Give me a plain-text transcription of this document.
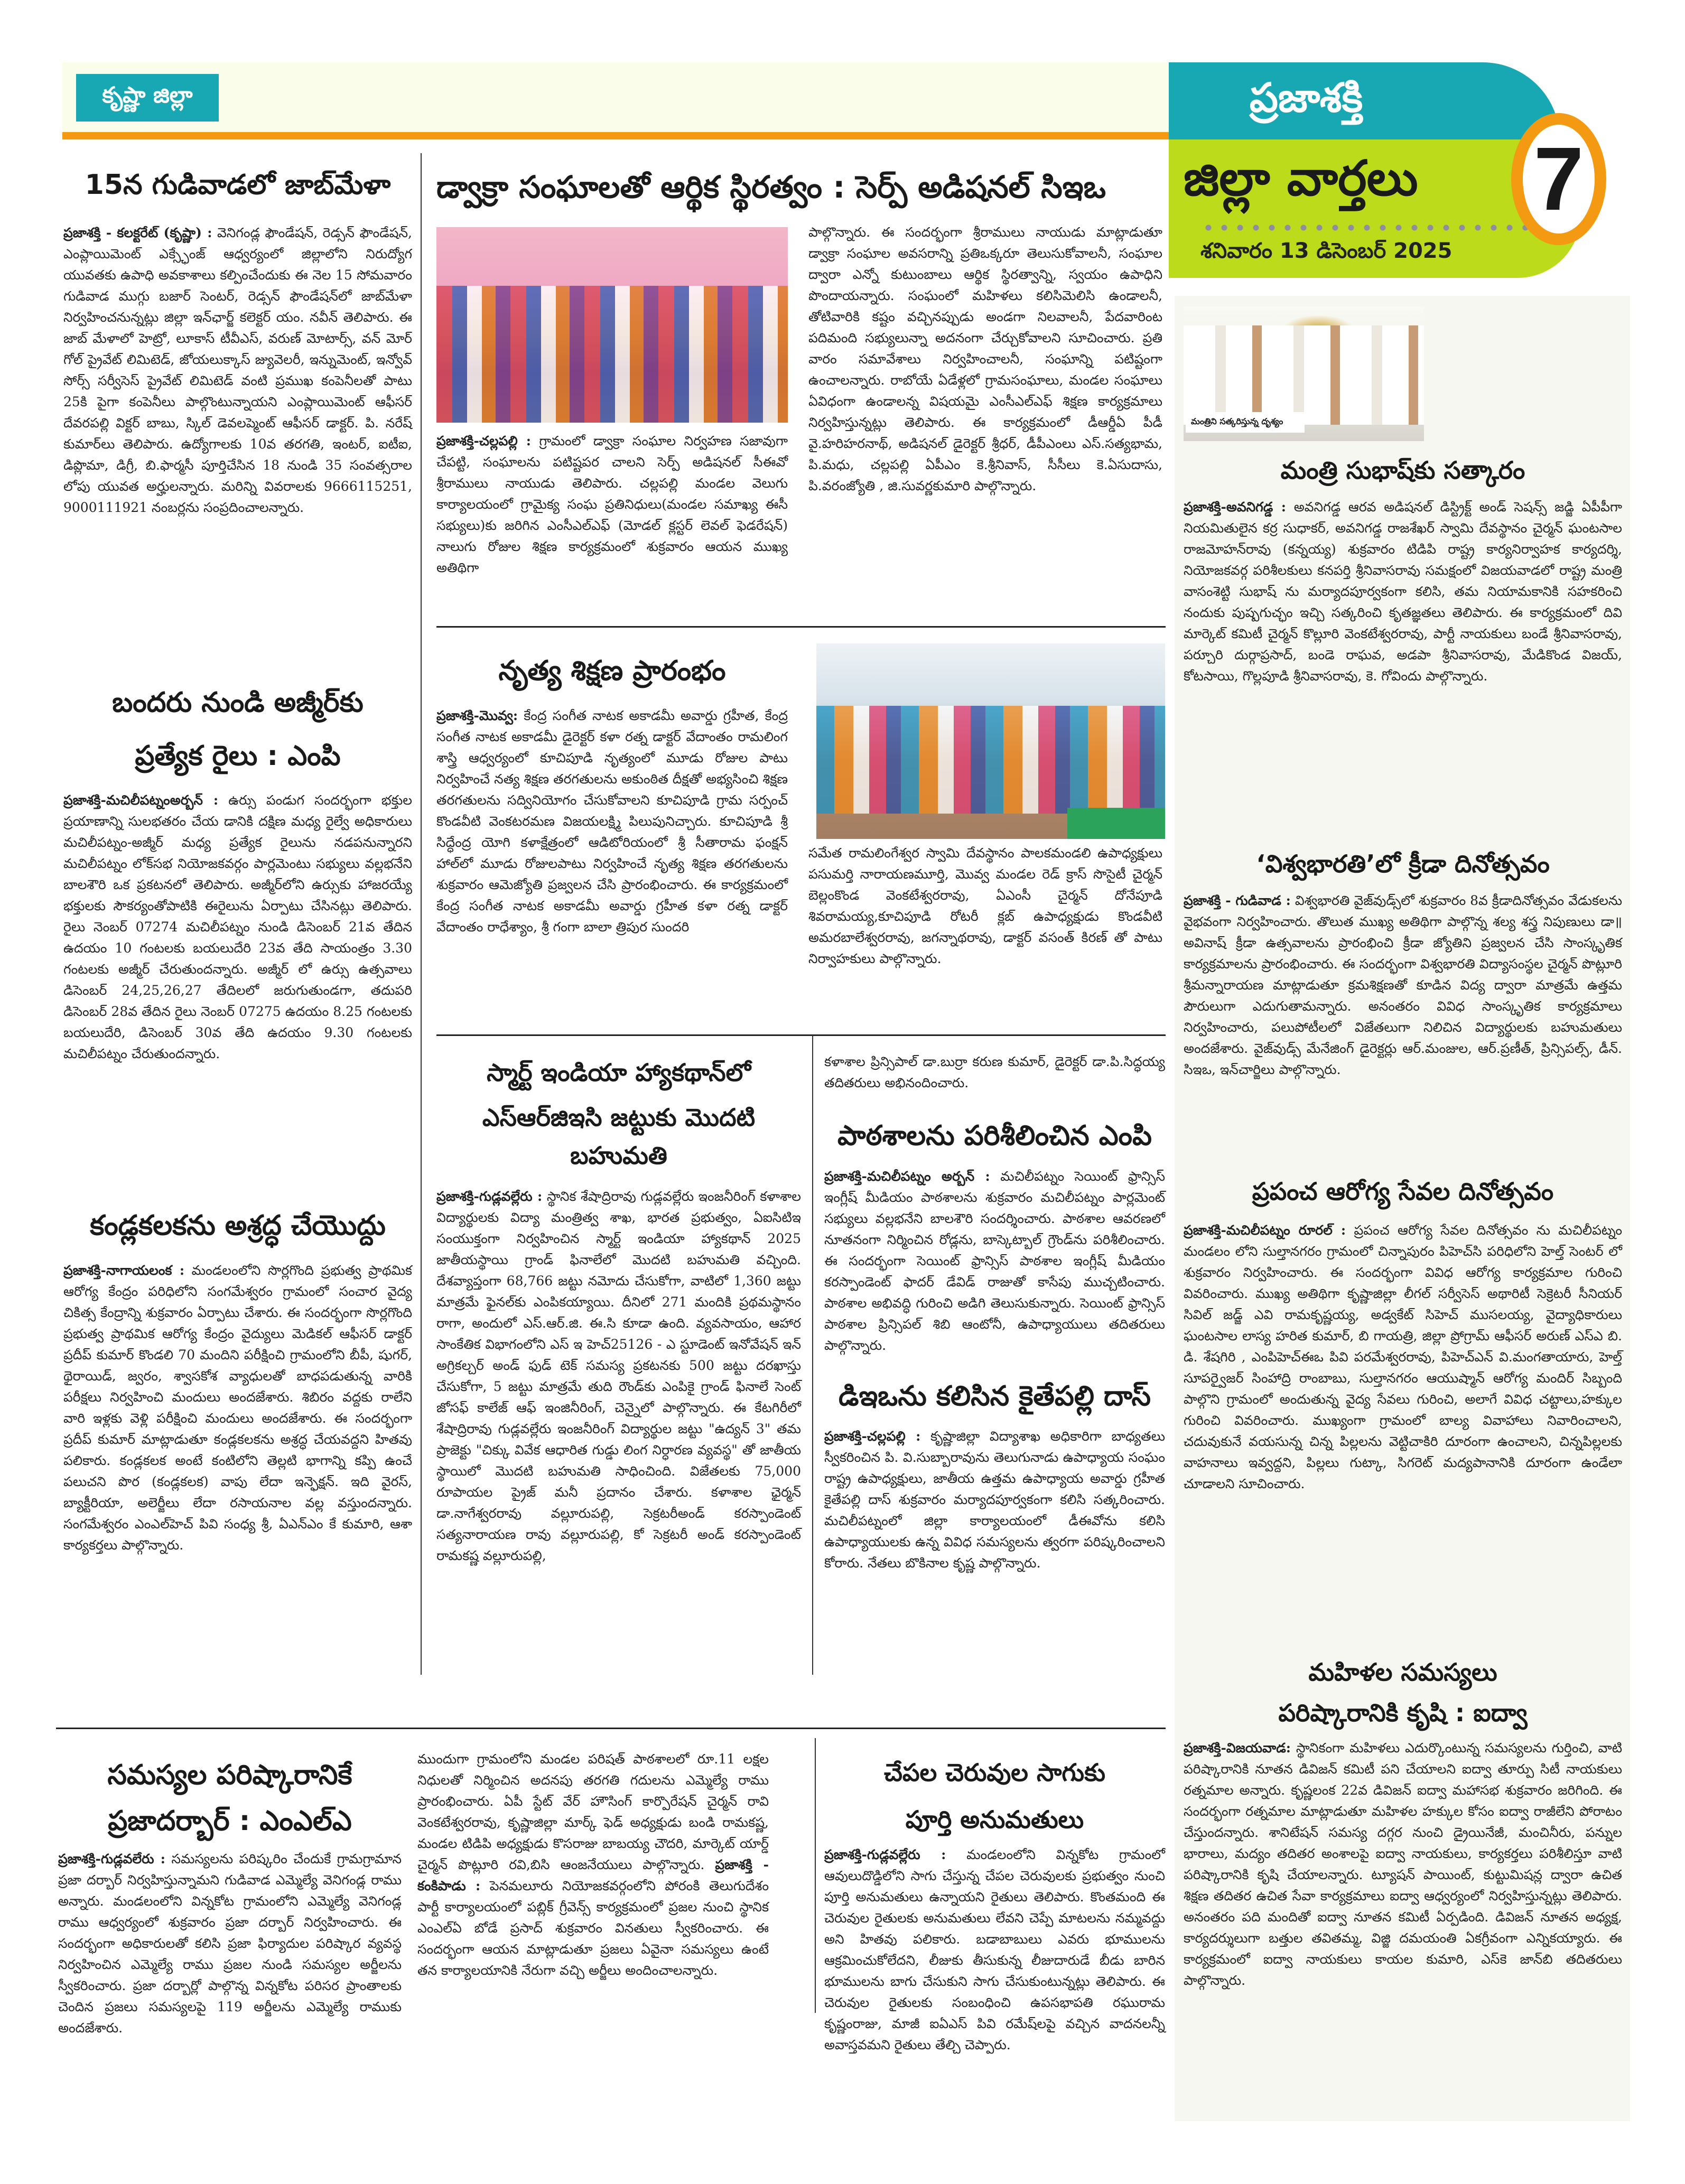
కృష్ణా జిల్లా	ప్రజాశక్తి
జిల్లా వార్తలు
శనివారం 13 డిసెంబర్ 2025
7
15న గుడివాడలో జాబ్‌మేళా

ప్రజాశక్తి - కలక్టరేట్ (కృష్ణా) : వెనిగండ్ల ఫౌండేషన్, రెడ్సన్ ఫౌండేషన్, ఎంప్లాయిమెంట్ ఎక్స్ఛేంజ్ ఆధ్వర్యంలో జిల్లాలోని నిరుద్యోగ యువతకు ఉపాధి అవకాశాలు కల్పించేందుకు ఈ నెల 15 సోమవారం గుడివాడ ముగ్గు బజార్ సెంటర్, రెడ్సన్ ఫౌండేషన్‌లో జాబ్‌మేళా నిర్వహించనున్నట్లు జిల్లా ఇన్‌ఛార్జ్ కలెక్టర్ యం. నవీన్ తెలిపారు. ఈ జాబ్ మేళాలో హెట్రో, లూకాస్ టీవీఎస్, వరుణ్ మోటార్స్, వన్ మోర్ గోల్ ప్రైవేట్ లిమిటెడ్, జోయలుక్కాస్ జ్యువెలరీ, ఇన్నుమెంట్, ఇన్వోవ్ సోర్స్ సర్వీసెస్ ప్రైవేట్ లిమిటెడ్ వంటి ప్రముఖ కంపెనీలతో పాటు 25కి పైగా కంపెనీలు పాల్గొంటున్నాయని ఎంప్లాయిమెంట్ ఆఫీసర్ దేవరపల్లి విక్టర్ బాబు, స్కిల్ డెవలప్మెంట్ ఆఫీసర్ డాక్టర్. పి. నరేష్ కుమార్‌లు తెలిపారు. ఉద్యోగాలకు 10వ తరగతి, ఇంటర్, ఐటీఐ, డిప్లొమా, డిగ్రీ, బి.ఫార్మసీ పూర్తిచేసిన 18 నుండి 35 సంవత్సరాల లోపు యువత అర్హులన్నారు. మరిన్ని వివరాలకు 9666115251, 9000111921 నంబర్లను సంప్రదించాలన్నారు.

బందరు నుండి అజ్మీర్‌కు
ప్రత్యేక రైలు : ఎంపి

ప్రజాశక్తి-మచిలీపట్నంఅర్బన్ : ఉర్సు పండుగ సందర్భంగా భక్తుల ప్రయాణాన్ని సులభతరం చేయ డానికి దక్షిణ మధ్య రైల్వే అధికారులు మచిలీపట్నం-అజ్మీర్ మధ్య ప్రత్యేక రైలును నడపనున్నారని మచిలీపట్నం లోక్‌సభ నియోజకవర్గం పార్లమెంటు సభ్యులు వల్లభనేని బాలశౌరి ఒక ప్రకటనలో తెలిపారు. అజ్మీర్‌లోని ఉర్సుకు హాజరయ్యే భక్తులకు సౌకర్యంతోపాటికి ఈరైలును ఏర్పాటు చేసినట్లు తెలిపారు. రైలు నెంబర్ 07274 మచిలీపట్నం నుండి డిసెంబర్ 21వ తేదిన ఉదయం 10 గంటలకు బయలుదేరి 23వ తేది సాయంత్రం 3.30 గంటలకు అజ్మీర్ చేరుతుందన్నారు. అజ్మీర్ లో ఉర్సు ఉత్సవాలు డిసెంబర్ 24,25,26,27 తేదిలలో జరుగుతుండగా, తదుపరి డిసెంబర్ 28వ తేదిన రైలు నెంబర్ 07275 ఉదయం 8.25 గంటలకు బయలుదేరి, డిసెంబర్ 30వ తేది ఉదయం 9.30 గంటలకు మచిలీపట్నం చేరుతుందన్నారు.

కండ్లకలకను అశ్రద్ధ చేయొద్దు

ప్రజాశక్తి-నాగాయలంక : మండలంలోని సొర్లగొంది ప్రభుత్వ ప్రాథమిక ఆరోగ్య కేంద్రం పరిధిలోని సంగమేశ్వరం గ్రామంలో సంచార వైద్య చికిత్స కేంద్రాన్ని శుక్రవారం ఏర్పాటు చేశారు. ఈ సందర్భంగా సొర్లగొంది ప్రభుత్వ ప్రాథమిక ఆరోగ్య కేంద్రం వైద్యులు మెడికల్ ఆఫీసర్ డాక్టర్ ప్రదీప్ కుమార్ కొండలి 70 మందిని పరీక్షించి గ్రామంలోని బీపీ, షుగర్, థైరాయిడ్, జ్వరం, శ్వాసకోశ వ్యాధులతో బాధపడుతున్న వారికి పరీక్షలు నిర్వహించి మందులు అందజేశారు. శిబిరం వద్దకు రాలేని వారి ఇళ్లకు వెళ్లి పరీక్షించి మందులు అందజేశారు. ఈ సందర్భంగా ప్రదీప్ కుమార్ మాట్లాడుతూ కండ్లకలకను అశ్రద్ధ చేయవద్దని హితవు పలికారు. కండ్లకలక అంటే కంటిలోని తెల్లటి భాగాన్ని కప్పి ఉంచే పలుచని పొర (కండ్లకలక) వాపు లేదా ఇన్ఫెక్షన్. ఇది వైరస్, బ్యాక్టీరియా, అలెర్జీలు లేదా రసాయనాల వల్ల వస్తుందన్నారు. సంగమేశ్వరం ఎంఎల్‌హెచ్ పివి సంధ్య శ్రీ, ఏఎన్ఎం కే కుమారి, ఆశా కార్యకర్తలు పాల్గొన్నారు.

డ్వాక్రా సంఘాలతో ఆర్థిక స్థిరత్వం : సెర్ప్ అడిషనల్ సిఇఒ

ప్రజాశక్తి-చల్లపల్లి : గ్రామంలో డ్వాక్రా సంఘాల నిర్వహణ సజావుగా చేపట్టి, సంఘాలను పటిష్టపర చాలని సెర్ప్ అడిషనల్ సీఈవో శ్రీరాములు నాయుడు తెలిపారు. చల్లపల్లి మండల వెలుగు కార్యాలయంలో గ్రామైక్య సంఘ ప్రతినిధులు(మండల సమాఖ్య ఈసీ సభ్యులు)కు జరిగిన ఎంసీఎల్ఎఫ్ (మోడల్ క్లస్టర్ లెవల్ ఫెడరేషన్) నాలుగు రోజుల శిక్షణ కార్యక్రమంలో శుక్రవారం ఆయన ముఖ్య అతిథిగా

పాల్గొన్నారు. ఈ సందర్భంగా శ్రీరాములు నాయుడు మాట్లాడుతూ డ్వాక్రా సంఘాల అవసరాన్ని ప్రతిఒక్కరూ తెలుసుకోవాలనీ, సంఘాల ద్వారా ఎన్నో కుటుంబాలు ఆర్థిక స్థిరత్వాన్ని, స్వయం ఉపాధిని పొందాయన్నారు. సంఘంలో మహిళలు కలిసిమెలిసి ఉండాలనీ, తోటివారికి కష్టం వచ్చినప్పుడు అండగా నిలవాలనీ, పేదవారింట పదిమంది సభ్యులున్నా అదనంగా చేర్చుకోవాలని సూచించారు. ప్రతి వారం సమావేశాలు నిర్వహించాలనీ, సంఘాన్ని పటిష్టంగా ఉంచాలన్నారు. రాబోయే ఏడేళ్లలో గ్రామసంఘాలు, మండల సంఘాలు ఏవిధంగా ఉండాలన్న విషయమై ఎంసీఎల్ఎఫ్ శిక్షణ కార్యక్రమాలు నిర్వహిస్తున్నట్లు తెలిపారు. ఈ కార్యక్రమంలో డీఆర్డీఏ పీడీ వై.హరిహరనాథ్, అడిషనల్ డైరెక్టర్ శ్రీధర్, డీపీఎంలు ఎస్.సత్యభామ, పి.మధు, చల్లపల్లి ఏపీఎం కె.శ్రీనివాస్, సీసీలు కె.ఏసుదాసు, పి.వరంజ్యోతి , జి.సువర్ణకుమారి పాల్గొన్నారు.

నృత్య శిక్షణ ప్రారంభం

ప్రజాశక్తి-మొవ్వ: కేంద్ర సంగీత నాటక అకాడమీ అవార్డు గ్రహీత, కేంద్ర సంగీత నాటక అకాడమీ డైరెక్టర్ కళా రత్న డాక్టర్ వేదాంతం రామలింగ శాస్త్రి ఆధ్వర్యంలో కూచిపూడి నృత్యంలో మూడు రోజుల పాటు నిర్వహించే నత్య శిక్షణ తరగతులను అకుంఠిత దీక్షతో అభ్యసించి శిక్షణ తరగతులను సద్వినియోగం చేసుకోవాలని కూచిపూడి గ్రామ సర్పంచ్ కొండవీటి వెంకటరమణ విజయలక్ష్మి పిలుపునిచ్చారు. కూచిపూడి శ్రీ సిద్ధేంద్ర యోగి కళాక్షేత్రంలో ఆడిటోరియంలో శ్రీ సీతారామ ఫంక్షన్ హాల్‌లో మూడు రోజులపాటు నిర్వహించే నృత్య శిక్షణ తరగతులను శుక్రవారం ఆమెజ్యోతి ప్రజ్వలన చేసి ప్రారంభించారు. ఈ కార్యక్రమంలో కేంద్ర సంగీత నాటక అకాడమీ అవార్డు గ్రహీత కళా రత్న డాక్టర్ వేదాంతం రాధేశ్యాం, శ్రీ గంగా బాలా త్రిపుర సుందరి

సమేత రామలింగేశ్వర స్వామి దేవస్థానం పాలకమండలి ఉపాధ్యక్షులు పసుమర్తి నారాయణమూర్తి, మొవ్వ మండల రెడ్ క్రాస్ సొసైటీ చైర్మన్ బెల్లంకొండ వెంకటేశ్వరరావు, ఏఎంసీ చైర్మన్ దోనేపూడి శివరామయ్య,కూచిపూడి రోటరీ క్లబ్ ఉపాధ్యక్షుడు కొండవీటి అమరబాలేశ్వరరావు, జగన్నాథరావు, డాక్టర్ వసంత్ కిరణ్ తో పాటు నిర్వాహకులు పాల్గొన్నారు.

స్మార్ట్ ఇండియా హ్యాకథాన్‌లో
ఎస్ఆర్‌జిఇసి జట్టుకు మొదటి బహుమతి

ప్రజాశక్తి-గుడ్లవల్లేరు : స్థానిక శేషాద్రిరావు గుడ్లవల్లేరు ఇంజనీరింగ్ కళాశాల విద్యార్థులకు విద్యా మంత్రిత్వ శాఖ, భారత ప్రభుత్వం, ఏఐసిటిఇ సంయుక్తంగా నిర్వహించిన స్మార్ట్ ఇండియా హ్యాకథాన్ 2025 జాతీయస్థాయి గ్రాండ్ ఫినాలేలో మొదటి బహుమతి వచ్చింది. దేశవ్యాప్తంగా 68,766 జట్టు నమోదు చేసుకోగా, వాటిలో 1,360 జట్టు మాత్రమే ఫైనల్‌కు ఎంపికయ్యాయి. దీనిలో 271 మందికి ప్రథమస్థానం రాగా, అందులో ఎస్.ఆర్.జి. ఈ.సి కూడా ఉంది. వ్యవసాయం, ఆహార సాంకేతిక విభాగంలోని ఎస్ ఇ హెచ్25126 - ఎ స్టూడెంట్ ఇనోవేషన్ ఇన్ అగ్రికల్చర్ అండ్ ఫుడ్ టెక్ సమస్య ప్రకటనకు 500 జట్టు దరఖాస్తు చేసుకోగా, 5 జట్టు మాత్రమే తుది రౌండ్‌కు ఎంపికై గ్రాండ్ ఫినాలే సెంట్ జోసఫ్ కాలేజ్ ఆఫ్ ఇంజినీరింగ్, చెన్నైలో పాల్గొన్నారు. ఈ కేటగిరీలో శేషాద్రిరావు గుడ్లవల్లేరు ఇంజనీరింగ్ విద్యార్థుల జట్టు "ఉద్యన్ 3" తమ ప్రాజెక్టు "చిక్కు వివేక ఆధారిత గుడ్డు లింగ నిర్ధారణ వ్యవస్థ" తో జాతీయ స్థాయిలో మొదటి బహుమతి సాధించింది. విజేతలకు 75,000 రూపాయల ప్రైజ్ మనీ ప్రదానం చేశారు. కళాశాల ఛైర్మన్ డా.నాగేశ్వరరావు వల్లూరుపల్లి, సెక్రటరీఅండ్ కరస్పాండెంట్ సత్యనారాయణ రావు వల్లూరుపల్లి, కో సెక్రటరీ అండ్ కరస్పాండెంట్ రామకష్ణ వల్లూరుపల్లి,

కళాశాల ప్రిన్సిపాల్ డా.బుర్రా కరుణ కుమార్, డైరెక్టర్ డా.పి.సిద్ధయ్య తదితరులు అభినందించారు.

పాఠశాలను పరిశీలించిన ఎంపి

ప్రజాశక్తి-మచిలీపట్నం అర్బన్ : మచిలీపట్నం సెయింట్ ఫ్రాన్సిస్ ఇంగ్లీష్ మీడియం పాఠశాలను శుక్రవారం మచిలీపట్నం పార్లమెంట్ సభ్యులు వల్లభనేని బాలశౌరి సందర్శించారు. పాఠశాల ఆవరణలో నూతనంగా నిర్మించిన రోడ్లను, బాస్కెట్బాల్ గ్రౌండ్‌ను పరిశీలించారు. ఈ సందర్భంగా సెయింట్ ఫ్రాన్సిస్ పాఠశాల ఇంగ్లీష్ మీడియం కరస్పాండెంట్ ఫాదర్ డేవిడ్ రాజుతో కాసేపు ముచ్చటించారు. పాఠశాల అభివద్ధి గురించి అడిగి తెలుసుకున్నారు. సెయింట్ ఫ్రాన్సిస్ పాఠశాల ప్రిన్సిపల్ శిబి ఆంటోనీ, ఉపాధ్యాయులు తదితరులు పాల్గొన్నారు.

డిఇఒను కలిసిన కైతేపల్లి దాస్

ప్రజాశక్తి-చల్లపల్లి : కృష్ణాజిల్లా విద్యాశాఖ అధికారిగా బాధ్యతలు స్వీకరించిన పి. వి.సుబ్బారావును తెలుగునాడు ఉపాధ్యాయ సంఘం రాష్ట్ర ఉపాధ్యక్షులు, జాతీయ ఉత్తమ ఉపాధ్యాయ అవార్డు గ్రహీత కైతేపల్లి దాస్ శుక్రవారం మర్యాదపూర్వకంగా కలిసి సత్కరించారు. మచిలీపట్నంలో జిల్లా కార్యాలయంలో డీఈవోను కలిసి ఉపాధ్యాయులకు ఉన్న వివిధ సమస్యలను త్వరగా పరిష్కరించాలని కోరారు. నేతలు బొకినాల కృష్ణ పాల్గొన్నారు.

మంత్రిని సత్కరిస్తున్న దృశ్యం
మంత్రి సుభాష్‌కు సత్కారం

ప్రజాశక్తి-అవనిగడ్డ : అవనిగడ్డ ఆరవ అడిషనల్ డిస్ట్రిక్ట్ అండ్ సెషన్స్ జడ్జి ఏపీపీగా నియమితులైన కర్ర సుధాకర్, అవనిగడ్డ రాజశేఖర్ స్వామి దేవస్థానం చైర్మన్ ఘంటసాల రాజమోహన్‌రావు (కన్నయ్య) శుక్రవారం టిడిపి రాష్ట్ర కార్యనిర్వాహక కార్యదర్శి, నియోజకవర్గ పరిశీలకులు కనపర్తి శ్రీనివాసరావు సమక్షంలో విజయవాడలో రాష్ట్ర మంత్రి వాసంశెట్టి సుభాష్ ను మర్యాదపూర్వకంగా కలిసి, తమ నియామకానికి సహకరించి నందుకు పుష్పగుచ్ఛం ఇచ్చి సత్కరించి కృతజ్ఞతలు తెలిపారు. ఈ కార్యక్రమంలో దివి మార్కెట్ కమిటీ చైర్మన్ కొల్లూరి వెంకటేశ్వరరావు, పార్టీ నాయకులు బండే శ్రీనివాసరావు, పర్చూరి దుర్గాప్రసాద్, బండె రాఘవ, అడపా శ్రీనివాసరావు, మేడికొండ విజయ్, కోటసాయి, గొల్లపూడి శ్రీనివాసరావు, కె. గోవిందు పాల్గొన్నారు.

‘విశ్వభారతి’లో క్రీడా దినోత్సవం

ప్రజాశక్తి - గుడివాడ : విశ్వభారతి వైజ్‌వుడ్స్‌లో శుక్రవారం 8వ క్రీడాదినోత్సవం వేడుకలను వైభవంగా నిర్వహించారు. తొలుత ముఖ్య అతిథిగా పాల్గొన్న శల్య శస్త్ర నిపుణులు డా॥ అవినాష్ క్రీడా ఉత్సవాలను ప్రారంభించి క్రీడా జ్యోతిని ప్రజ్వలన చేసి సాంస్కృతిక కార్యక్రమాలను ప్రారంభించారు. ఈ సందర్భంగా విశ్వభారతి విద్యాసంస్థల చైర్మన్ పొట్లూరి శ్రీమన్నారాయణ మాట్లాడుతూ క్రమశిక్షణతో కూడిన విద్య ద్వారా మాత్రమే ఉత్తమ పౌరులుగా ఎదుగుతామన్నారు. అనంతరం వివిధ సాంస్కృతిక కార్యక్రమాలు నిర్వహించారు, పలుపోటీలలో విజేతలుగా నిలిచిన విద్యార్థులకు బహుమతులు అందజేశారు. వైజ్‌వుడ్స్ మేనేజింగ్ డైరెక్టర్లు ఆర్.మంజుల, ఆర్.ప్రణీత్, ప్రిన్సిపల్స్, డీన్. సిఇఒ, ఇన్‌చార్జిలు పాల్గొన్నారు.

ప్రపంచ ఆరోగ్య సేవల దినోత్సవం

ప్రజాశక్తి-మచిలీపట్నం రూరల్ : ప్రపంచ ఆరోగ్య సేవల దినోత్సవం ను మచిలీపట్నం మండలం లోని సుల్తానగరం గ్రామంలో చిన్నాపురం పిహెచ్‌సి పరిధిలోని హెల్త్ సెంటర్ లో శుక్రవారం నిర్వహించారు. ఈ సందర్భంగా వివిధ ఆరోగ్య కార్యక్రమాల గురించి వివరించారు. ముఖ్య అతిథిగా కృష్ణాజిల్లా లీగల్ సర్వీసెస్ అథారిటీ సెక్రెటరీ సీనియర్ సివిల్ జడ్జ్ ఎవి రామకృష్ణయ్య, అడ్వకేట్ సిహెచ్ ముసలయ్య, వైద్యాధికారులు ఘంటసాల లాస్య హరిత కుమార్, బి గాయత్రి, జిల్లా ప్రోగ్రామ్ ఆఫీసర్ అరుణ్ ఎస్‌ఎ బి. డి. శేషగిరి , ఎంపిహెచ్ఈఒ పివి పరమేశ్వరరావు, పిహెచ్ఎన్ వి.మంగతాయారు, హెల్త్ సూపర్వైజర్ సింహాద్రి రాంబాబు, సుల్తానగరం ఆయుష్మాన్ ఆరోగ్య మందిర్ సిబ్బంది పాల్గొని గ్రామంలో అందుతున్న వైద్య సేవలు గురించి, అలాగే వివిధ చట్టాలు,హక్కుల గురించి వివరించారు. ముఖ్యంగా గ్రామంలో బాల్య వివాహాలు నివారించాలని, చదువుకునే వయసున్న చిన్న పిల్లలను వెట్టిచాకిరి దూరంగా ఉంచాలని, చిన్నపిల్లలకు వాహనాలు ఇవ్వద్దని, పిల్లలు గుట్కా, సిగరెట్ మద్యపానానికి దూరంగా ఉండేలా చూడాలని సూచించారు.

మహిళల సమస్యలు
పరిష్కారానికి కృషి : ఐద్వా

ప్రజాశక్తి-విజయవాడ: స్థానికంగా మహిళలు ఎదుర్కొంటున్న సమస్యలను గుర్తించి, వాటి పరిష్కారానికి నూతన డివిజన్ కమిటీ పని చేయాలని ఐద్వా తూర్పు సిటీ నాయకులు రత్నమాల అన్నారు. కృష్ణలంక 22వ డివిజన్ ఐద్వా మహాసభ శుక్రవారం జరిగింది. ఈ సందర్భంగా రత్నమాల మాట్లాడుతూ మహిళల హక్కుల కోసం ఐద్వా రాజీలేని పోరాటం చేస్తుందన్నారు. శానిటేషన్ సమస్య దగ్గర నుంచి డ్రైయినేజీ, మంచినీరు, పన్నుల భారాలు, మద్యం తదితర అంశాలపై ఐద్వా నాయకులు, కార్యకర్తలు పరిశీలిస్తూ వాటి పరిష్కారానికి కృషి చేయాలన్నారు. ట్యూషన్ పాయింట్, కుట్టుమిషన్ల ద్వారా ఉచిత శిక్షణ తదితర ఉచిత సేవా కార్యక్రమాలు ఐద్వా ఆధ్వర్యంలో నిర్వహిస్తున్నట్లు తెలిపారు. అనంతరం పది మందితో ఐద్వా నూతన కమిటీ ఏర్పడింది. డివిజన్ నూతన అధ్యక్ష, కార్యదర్శులుగా బత్తుల తవితమ్మ, విజ్జి దమయంతి ఏకగ్రీవంగా ఎన్నికయ్యారు. ఈ కార్యక్రమంలో ఐద్వా నాయకులు కాయల కుమారి, ఎస్‌కె జాన్‌బి తదితరులు పాల్గొన్నారు.

సమస్యల పరిష్కారానికే
ప్రజాదర్బార్ : ఎంఎల్‌ఎ

ప్రజాశక్తి-గుడ్లవలేరు : సమస్యలను పరిష్కరిం చేందుకే గ్రామగ్రామాన ప్రజా దర్బార్ నిర్వహిస్తున్నామని గుడివాడ ఎమ్మెల్యే వెనిగండ్ల రాము అన్నారు. మండలంలోని విన్నకోట గ్రామంలోని ఎమ్మెల్యే వెనిగండ్ల రాము ఆధ్వర్యంలో శుక్రవారం ప్రజా దర్బార్ నిర్వహించారు. ఈ సందర్భంగా అధికారులతో కలిసి ప్రజా ఫిర్యాదుల పరిష్కార వ్యవస్థ నిర్వహించిన ఎమ్మెల్యే రాము ప్రజల నుండి సమస్యల అర్జీలను స్వీకరించారు. ప్రజా దర్బార్లో పాల్గొన్న విన్నకోట పరిసర ప్రాంతాలకు చెందిన ప్రజలు సమస్యలపై 119 అర్జీలను ఎమ్మెల్యే రాముకు అందజేశారు.

ముందుగా గ్రామంలోని మండల పరిషత్ పాఠశాలలో రూ.11 లక్షల నిధులతో నిర్మించిన అదనపు తరగతి గదులను ఎమ్మెల్యే రాము ప్రారంభించారు. ఏపీ స్టేట్ వేర్ హౌసింగ్ కార్పొరేషన్ చైర్మన్ రావి వెంకటేశ్వరరావు, కృష్ణాజిల్లా మార్క్ ఫెడ్ అధ్యక్షుడు బండి రామకష్ణ, మండల టిడిపి అధ్యక్షుడు కొసరాజు బాబయ్య చౌదరి, మార్కెట్ యార్డ్ చైర్మన్ పొట్లూరి రవి,బిసి ఆంజనేయులు పాల్గొన్నారు. ప్రజాశక్తి - కంకిపాడు : పెనమలూరు నియోజకవర్గంలోని పోరంకి తెలుగుదేశం పార్టీ కార్యాలయంలో పబ్లిక్ గ్రీవెన్స్ కార్యక్రమంలో ప్రజల నుంచి స్థానిక ఎంఎల్ఏ బోడే ప్రసాద్ శుక్రవారం వినతులు స్వీకరించారు. ఈ సందర్భంగా ఆయన మాట్లాడుతూ ప్రజలు ఏవైనా సమస్యలు ఉంటే తన కార్యాలయానికి నేరుగా వచ్చి అర్జీలు అందించాలన్నారు.

చేపల చెరువుల సాగుకు
పూర్తి అనుమతులు

ప్రజాశక్తి-గుడ్లవల్లేరు : మండలంలోని విన్నకోట గ్రామంలో ఆవులుదొడ్డిలోని సాగు చేస్తున్న చేపల చెరువులకు ప్రభుత్వం నుంచి పూర్తి అనుమతులు ఉన్నాయని రైతులు తెలిపారు. కొంతమంది ఈ చెరువుల రైతులకు అనుమతులు లేవని చెప్పే మాటలను నమ్మవద్దు అని హితవు పలికారు. బడాబాబులు ఎవరు భూములను ఆక్రమించుకోలేదని, లీజుకు తీసుకున్న లీజుదారుడే బీడు బారిన భూములను బాగు చేసుకుని సాగు చేసుకుంటున్నట్లు తెలిపారు. ఈ చెరువుల రైతులకు సంబంధించి ఉపసభాపతి రఘురామ కృష్ణంరాజు, మాజీ ఐఏఎస్ పివి రమేష్‌లపై వచ్చిన వాదనలన్నీ అవాస్తవమని రైతులు తేల్చి చెప్పారు.
